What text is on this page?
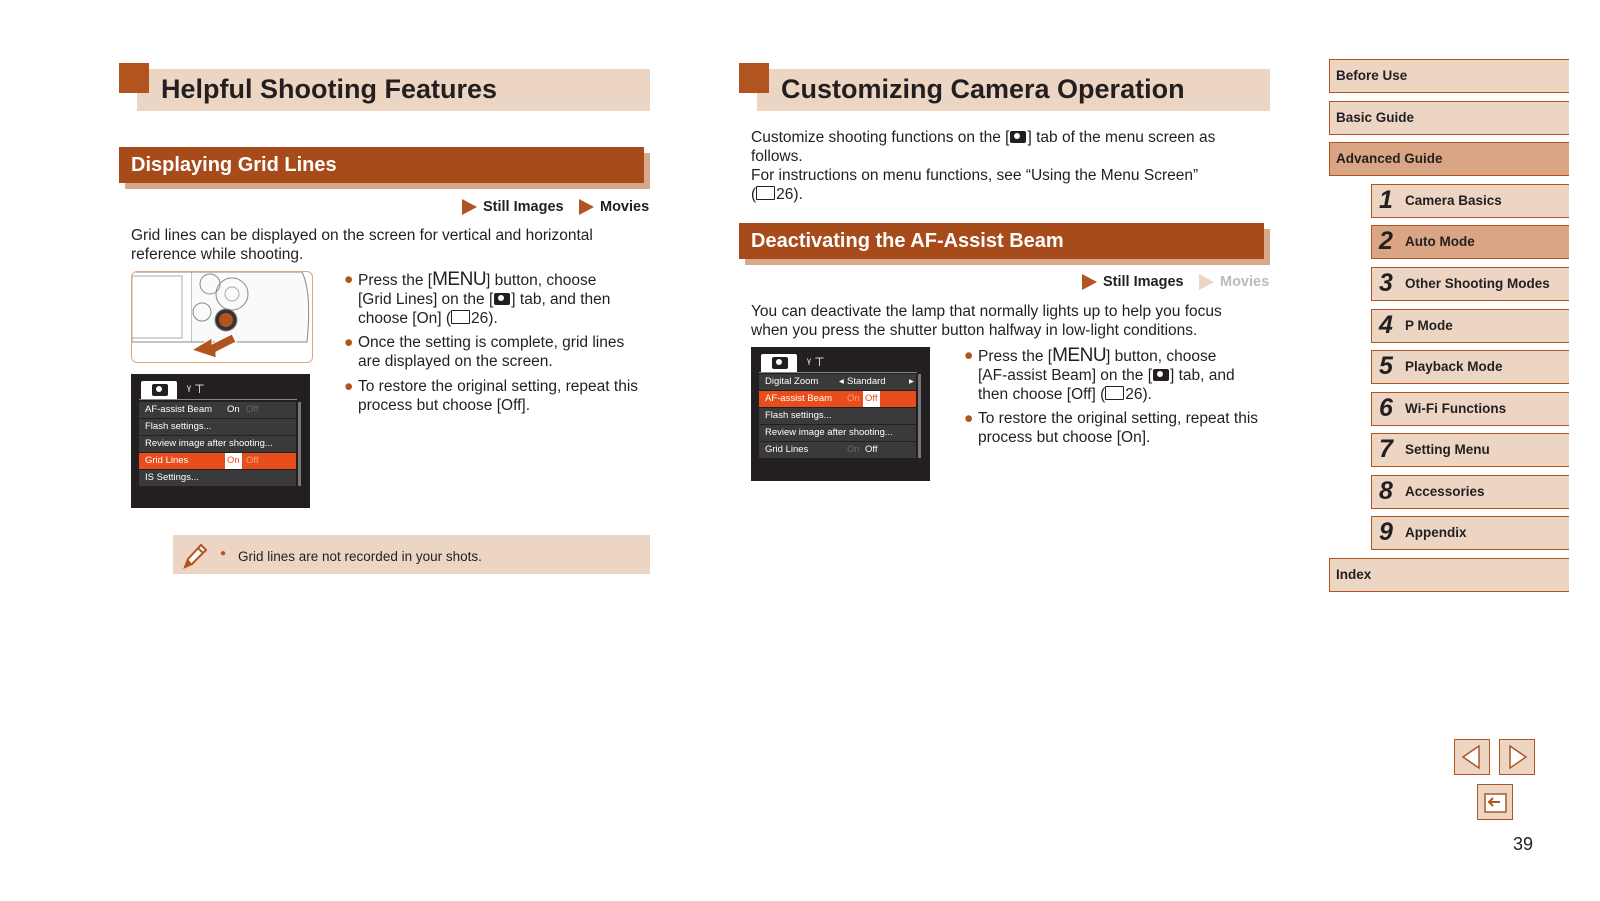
Helpful Shooting Features
Displaying Grid Lines
Still Images	Movies
Grid lines can be displayed on the screen for vertical and horizontal
reference while shooting.
ᵞ ⊤
AF-assist Beam On Off
Flash settings...
Review image after shooting...
Grid Lines	On Off
IS Settings...
● Press the [MENU] button, choose
[Grid Lines] on the [ ] tab, and then
choose [On] ( 26).
● Once the setting is complete, grid lines
are displayed on the screen.
● To restore the original setting, repeat this
process but choose [Off].
● Grid lines are not recorded in your shots.
Customizing Camera Operation
Customize shooting functions on the [ ] tab of the menu screen as
follows.
For instructions on menu functions, see “Using the Menu Screen”
( 26).
Deactivating the AF-Assist Beam
Still Images	Movies
You can deactivate the lamp that normally lights up to help you focus
when you press the shutter button halfway in low-light conditions.
ᵞ ⊤
Digital Zoom ◂ Standard ▸
AF-assist Beam On Off
Flash settings...
Review image after shooting...
Grid Lines	On Off
● Press the [MENU] button, choose
[AF-assist Beam] on the [ ] tab, and
then choose [Off] ( 26).
● To restore the original setting, repeat this
process but choose [On].
Before Use
Basic Guide
Advanced Guide
1 Camera Basics
2 Auto Mode
3 Other Shooting Modes
4 P Mode
5 Playback Mode
6 Wi-Fi Functions
7 Setting Menu
8 Accessories
9 Appendix
Index
39
